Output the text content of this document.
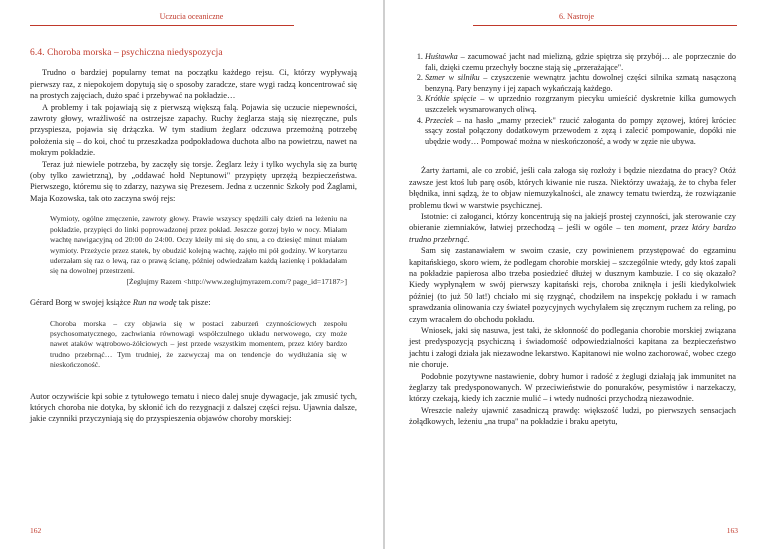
Uczucia oceaniczne
6.4. Choroba morska – psychiczna niedyspozycja

Trudno o bardziej popularny temat na początku każdego rejsu. Ci, którzy wypływają pierwszy raz, z niepokojem dopytują się o sposoby zaradcze, stare wygi radzą koncentrować się na prostych zajęciach, dużo spać i przebywać na pokładzie…

A problemy i tak pojawiają się z pierwszą większą falą. Pojawia się uczucie niepewności, zawroty głowy, wrażliwość na ostrzejsze zapachy. Ruchy żeglarza stają się niezręczne, puls przyspiesza, pojawia się drżączka. W tym stadium żeglarz odczuwa przemożną potrzebę położenia się – do koi, choć tu przeszkadza podpokładowa duchota albo na powietrzu, nawet na mokrym pokładzie.

Teraz już niewiele potrzeba, by zaczęły się torsje. Żeglarz leży i tylko wychyla się za burtę (oby tylko zawietrzną), by „oddawać hołd Neptunowi" przypięty uprzężą bezpieczeństwa. Pierwszego, któremu się to zdarzy, nazywa się Prezesem. Jedna z uczennic Szkoły pod Żaglami, Maja Kozowska, tak oto zaczyna swój rejs:

Wymioty, ogólne zmęczenie, zawroty głowy. Prawie wszyscy spędzili cały dzień na leżeniu na pokładzie, przypięci do linki poprowadzonej przez pokład. Jeszcze gorzej było w nocy. Miałam wachtę nawigacyjną od 20:00 do 24:00. Oczy kleiły mi się do snu, a co dziesięć minut miałam wymioty. Przeżycie przez statek, by obudzić kolejną wachtę, zajęło mi pół godziny. W korytarzu uderzałam się raz o lewą, raz o prawą ścianę, później odwiedzałam każdą łazienkę i pokładałam się na dowolnej przestrzeni.

[Żeglujmy Razem <http://www.zeglujmyrazem.com/? page_id=17187>]

Gérard Borg w swojej książce Run na wodę tak pisze:

Choroba morska – czy objawia się w postaci zaburzeń czynnościowych zespołu psychosomatycznego, zachwiania równowagi współczulnego układu nerwowego, czy może nawet ataków wątrobowo-żółciowych – jest przede wszystkim momentem, przez który bardzo trudno przebrnąć… Tym trudniej, że zazwyczaj ma on tendencje do wydłużania się w nieskończoność.

Autor oczywiście kpi sobie z tytułowego tematu i nieco dalej snuje dywagacje, jak zmusić tych, których choroba nie dotyka, by skłonić ich do rezygnacji z dalszej części rejsu. Ujawnia dalsze, jakie czynniki przyczyniają się do przyspieszenia objawów choroby morskiej:

162
6. Nastroje
1. Huśtawka – zacumować jacht nad mielizną, gdzie spiętrza się przybój… ale poprzecznie do fali, dzięki czemu przechyły boczne stają się „przerażające".
2. Szmer w silniku – czyszczenie wewnątrz jachtu dowolnej części silnika szmatą nasączoną benzyną. Pary benzyny i jej zapach wykańczają każdego.
3. Krótkie spięcie – w uprzednio rozgrzanym piecyku umieścić dyskretnie kilka gumowych uszczelek wysmarowanych oliwą.
4. Przeciek – na hasło „mamy przeciek" rzucić załoganta do pompy zęzowej, której króciec ssący został połączony dodatkowym przewodem z zęzą i zalecić pompowanie, dopóki nie ubędzie wody… Pompować można w nieskończoność, a wody w zęzie nie ubywa.

Żarty żartami, ale co zrobić, jeśli cała załoga się rozłoży i będzie niezdatna do pracy? Otóż zawsze jest ktoś lub parę osób, których kiwanie nie rusza. Niektórzy uważają, że to chyba feler błędnika, inni sądzą, że to objaw niemuzykalności, ale znawcy tematu twierdzą, że rozwiązanie problemu tkwi w warstwie psychicznej.

Istotnie: ci załoganci, którzy koncentrują się na jakiejś prostej czynności, jak sterowanie czy obieranie ziemniaków, łatwiej przechodzą – jeśli w ogóle – ten moment, przez który bardzo trudno przebrnąć.

Sam się zastanawiałem w swoim czasie, czy powinienem przystępować do egzaminu kapitańskiego, skoro wiem, że podlegam chorobie morskiej – szczególnie wtedy, gdy ktoś zapali na pokładzie papierosa albo trzeba posiedzieć dłużej w dusznym kambuzie. I co się okazało? Kiedy wypłynąłem w swój pierwszy kapitański rejs, choroba zniknęła i jeśli kiedykolwiek później (to już 50 lat!) chciało mi się rzygnąć, chodziłem na inspekcję pokładu i w ramach sprawdzania olinowania czy świateł pozycyjnych wychylałem się zręcznym ruchem za reling, po czym wracałem do obchodu pokładu.

Wniosek, jaki się nasuwa, jest taki, że skłonność do podlegania chorobie morskiej związana jest predyspozycją psychiczną i świadomość odpowiedzialności kapitana za bezpieczeństwo jachtu i załogi działa jak niezawodne lekarstwo. Kapitanowi nie wolno zachorować, wobec czego nie choruje.

Podobnie pozytywne nastawienie, dobry humor i radość z żeglugi działają jak immunitet na żeglarzy tak predysponowanych. W przeciwieństwie do ponuraków, pesymistów i narzekaczy, którzy czekają, kiedy ich zacznie mulić – i wtedy nudności przychodzą niezawodnie.

Wreszcie należy ujawnić zasadniczą prawdę: większość ludzi, po pierwszych sensacjach żołądkowych, leżeniu „na trupa" na pokładzie i braku apetytu,

163
